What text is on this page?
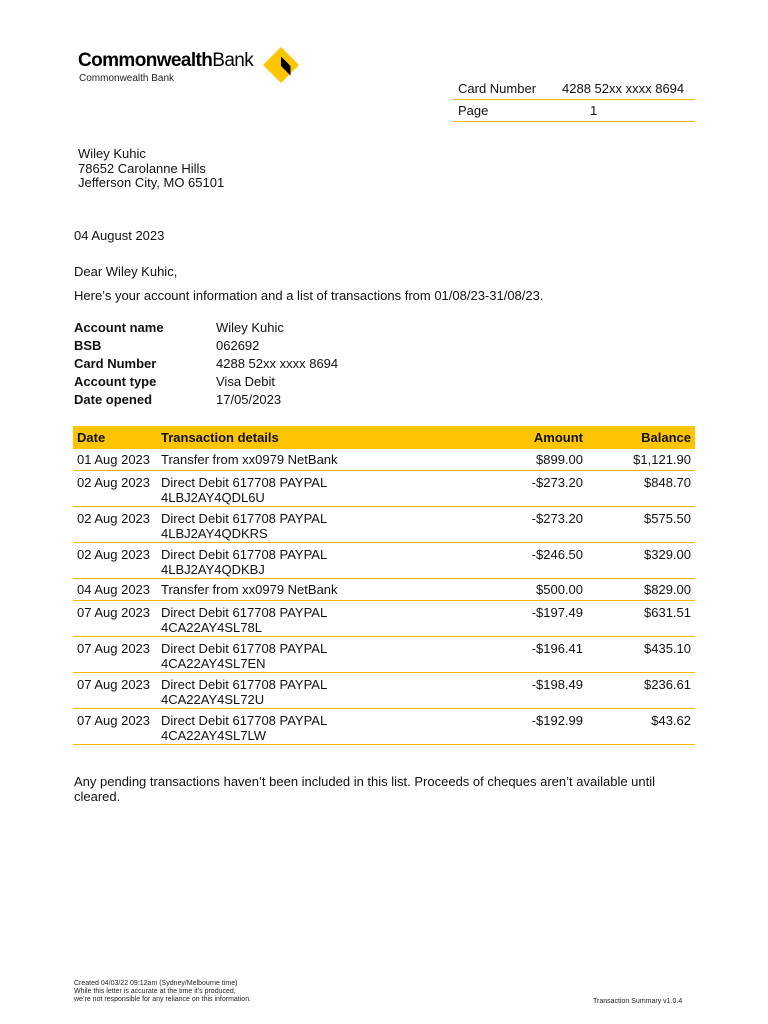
CommonwealthBank
Commonwealth Bank
Card Number	4288 52xx xxxx 8694
Page	1
Wiley Kuhic
78652 Carolanne Hills
Jefferson City, MO 65101
04 August 2023
Dear Wiley Kuhic,
Here’s your account information and a list of transactions from 01/08/23-31/08/23.
Account name	Wiley Kuhic
BSB	062692
Card Number	4288 52xx xxxx 8694
Account type	Visa Debit
Date opened	17/05/2023
Date	Transaction details	Amount	Balance
01 Aug 2023 Transfer from xx0979 NetBank	$899.00	$1,121.90
02 Aug 2023 Direct Debit 617708 PAYPAL
4LBJ2AY4QDL6U
-$273.20	$848.70
02 Aug 2023 Direct Debit 617708 PAYPAL
4LBJ2AY4QDKRS
-$273.20	$575.50
02 Aug 2023 Direct Debit 617708 PAYPAL
4LBJ2AY4QDKBJ
-$246.50	$329.00
04 Aug 2023 Transfer from xx0979 NetBank	$500.00	$829.00
07 Aug 2023 Direct Debit 617708 PAYPAL
4CA22AY4SL78L
-$197.49	$631.51
07 Aug 2023 Direct Debit 617708 PAYPAL
4CA22AY4SL7EN
-$196.41	$435.10
07 Aug 2023 Direct Debit 617708 PAYPAL
4CA22AY4SL72U
-$198.49	$236.61
07 Aug 2023 Direct Debit 617708 PAYPAL
4CA22AY4SL7LW
-$192.99	$43.62
Any pending transactions haven’t been included in this list. Proceeds of cheques aren’t available until cleared.
Created 04/03/22 09:12am (Sydney/Melbourne time)
While this letter is accurate at the time it’s produced,
we’re not responsible for any reliance on this information.	Transaction Summary v1.0.4
